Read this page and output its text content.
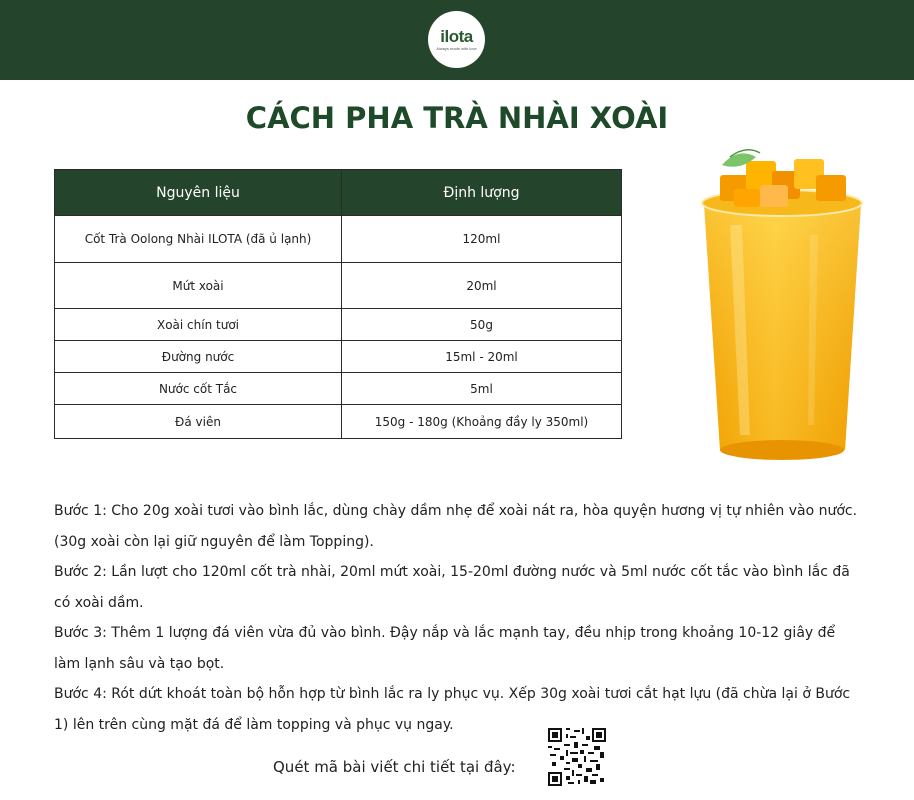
ilota
Always made with love
CÁCH PHA TRÀ NHÀI XOÀI
Nguyên liệu	Định lượng
Cốt Trà Oolong Nhài ILOTA (đã ủ lạnh)	120ml
Mứt xoài	20ml
Xoài chín tươi	50g
Đường nước	15ml - 20ml
Nước cốt Tắc	5ml
Đá viên	150g - 180g (Khoảng đầy ly 350ml)

Bước 1: Cho 20g xoài tươi vào bình lắc, dùng chày dầm nhẹ để xoài nát ra, hòa quyện hương vị tự nhiên vào nước. (30g xoài còn lại giữ nguyên để làm Topping).

Bước 2: Lần lượt cho 120ml cốt trà nhài, 20ml mứt xoài, 15-20ml đường nước và 5ml nước cốt tắc vào bình lắc đã có xoài dầm.

Bước 3: Thêm 1 lượng đá viên vừa đủ vào bình. Đậy nắp và lắc mạnh tay, đều nhịp trong khoảng 10-12 giây để làm lạnh sâu và tạo bọt.

Bước 4: Rót dứt khoát toàn bộ hỗn hợp từ bình lắc ra ly phục vụ. Xếp 30g xoài tươi cắt hạt lựu (đã chừa lại ở Bước 1) lên trên cùng mặt đá để làm topping và phục vụ ngay.

Quét mã bài viết chi tiết tại đây:
